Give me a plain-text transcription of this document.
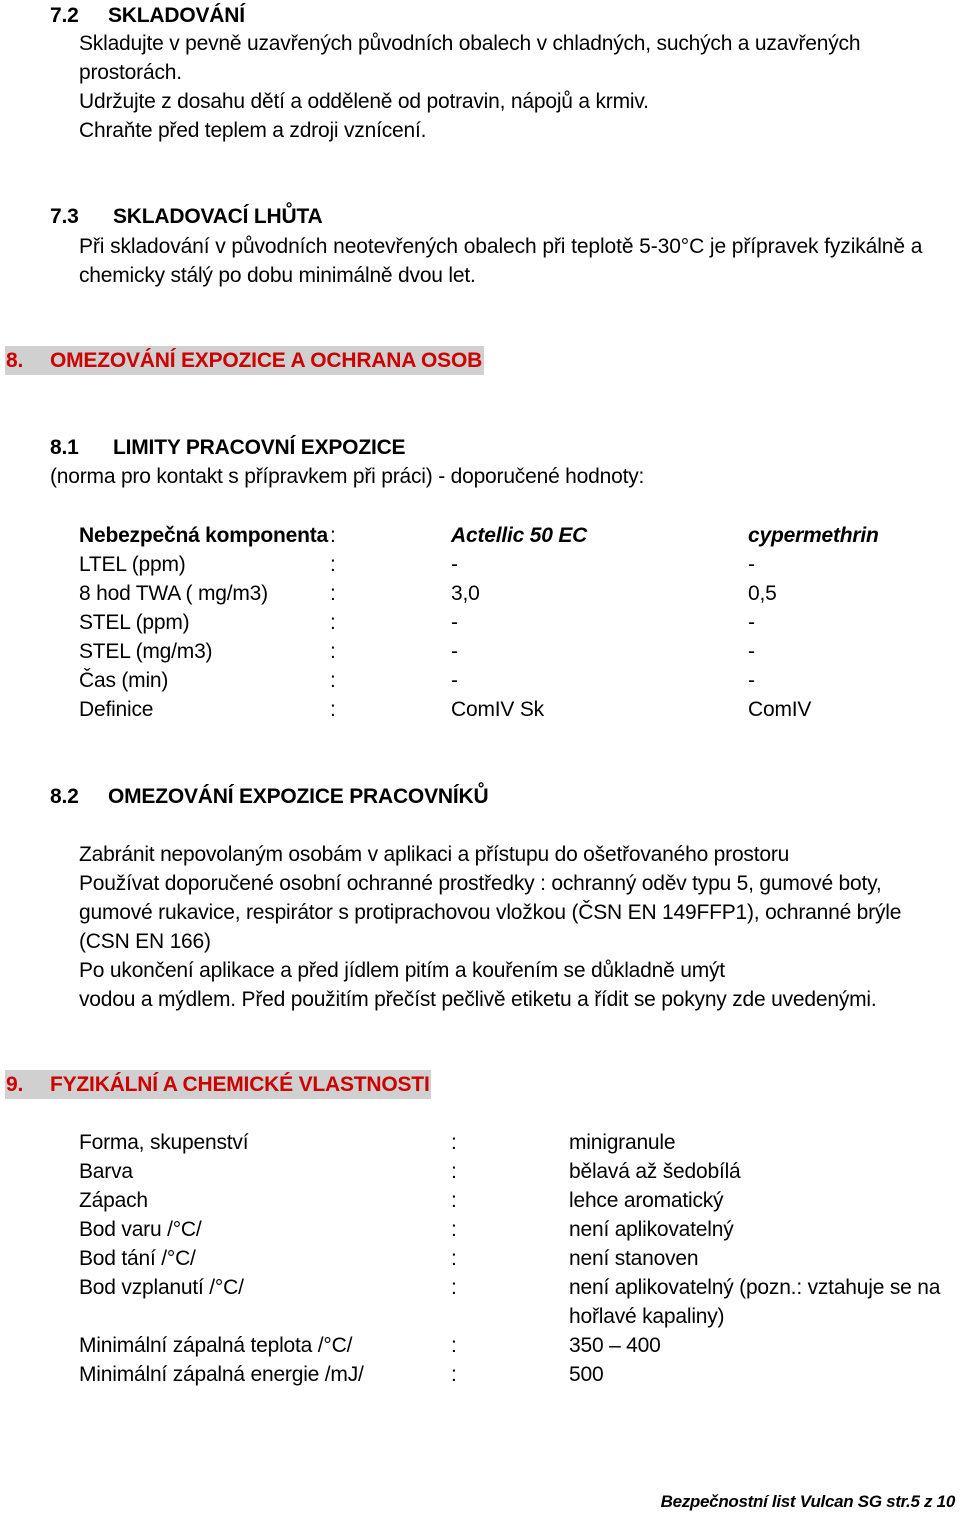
7.2 SKLADOVÁNÍ
Skladujte v pevně uzavřených původních obalech v chladných, suchých a uzavřených
prostorách.
Udržujte z dosahu dětí a odděleně od potravin, nápojů a krmiv.
Chraňte před teplem a zdroji vznícení.
7.3 SKLADOVACÍ LHŮTA
Při skladování v původních neotevřených obalech při teplotě 5-30°C je přípravek fyzikálně a
chemicky stálý po dobu minimálně dvou let.
8. OMEZOVÁNÍ EXPOZICE A OCHRANA OSOB
8.1 LIMITY PRACOVNÍ EXPOZICE
(norma pro kontakt s přípravkem při práci) - doporučené hodnoty:
Nebezpečná komponenta :	Actellic 50 EC	cypermethrin
LTEL (ppm)	:	-	-
8 hod TWA ( mg/m3)	:	3,0	0,5
STEL (ppm)	:	-	-
STEL (mg/m3)	:	-	-
Čas (min)	:	-	-
Definice	:	ComIV Sk	ComIV
8.2 OMEZOVÁNÍ EXPOZICE PRACOVNÍKŮ
Zabránit nepovolaným osobám v aplikaci a přístupu do ošetřovaného prostoru
Používat doporučené osobní ochranné prostředky : ochranný oděv typu 5, gumové boty,
gumové rukavice, respirátor s protiprachovou vložkou (ČSN EN 149FFP1), ochranné brýle
(CSN EN 166)
Po ukončení aplikace a před jídlem pitím a kouřením se důkladně umýt
vodou a mýdlem. Před použitím přečíst pečlivě etiketu a řídit se pokyny zde uvedenými.
9. FYZIKÁLNÍ A CHEMICKÉ VLASTNOSTI
Forma, skupenství	:	minigranule
Barva	:	bělavá až šedobílá
Zápach	:	lehce aromatický
Bod varu /°C/	:	není aplikovatelný
Bod tání /°C/	:	není stanoven
Bod vzplanutí /°C/	:	není aplikovatelný (pozn.: vztahuje se na
hořlavé kapaliny)
Minimální zápalná teplota /°C/	:	350 – 400
Minimální zápalná energie /mJ/	:	500
Bezpečnostní list Vulcan SG str.5 z 10
